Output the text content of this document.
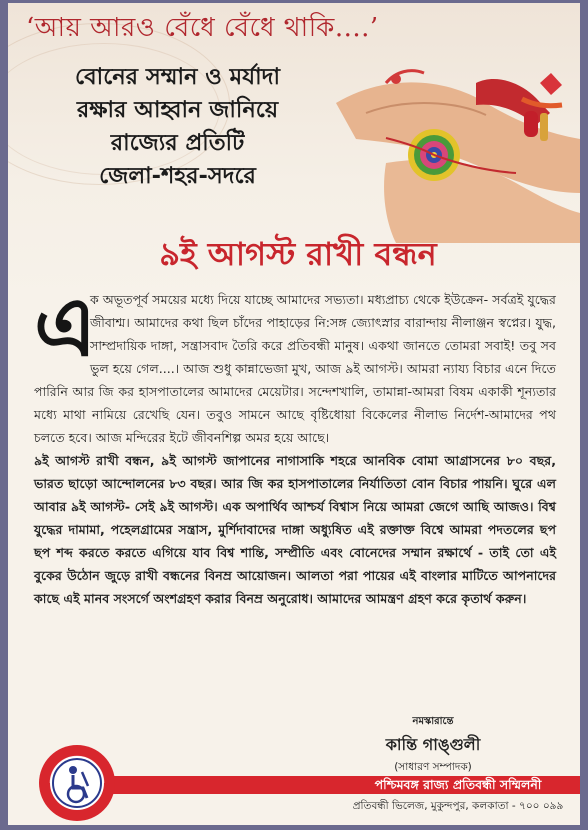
‘আয় আরও বেঁধে বেঁধে থাকি....’
বোনের সম্মান ও মর্যাদা
রক্ষার আহ্বান জানিয়ে
রাজ্যের প্রতিটি
জেলা-শহর-সদরে
৯ই আগস্ট রাখী বন্ধন
এ

ক অভূতপূর্ব সময়ের মধ্যে দিয়ে যাচ্ছে আমাদের সভ্যতা। মধ্যপ্রাচ্য থেকে ইউক্রেন- সর্বত্রই যুদ্ধের জীবাশ্ম। আমাদের কথা ছিল চাঁদের পাহাড়ের নি:সঙ্গ জ্যোৎস্নার বারান্দায় নীলাঞ্জন স্বপ্নের। যুদ্ধ, সাম্প্রদায়িক দাঙ্গা, সন্ত্রাসবাদ তৈরি করে প্রতিবন্ধী মানুষ। একথা জানতে তোমরা সবাই! তবু সব ভুল হয়ে গেল....। আজ শুধু কান্নাভেজা মুখ, আজ ৯ই আগস্ট। আমরা ন্যায্য বিচার এনে দিতে পারিনি আর জি কর হাসপাতালের আমাদের মেয়েটার। সন্দেশখালি, তামান্না-আমরা বিষম একাকী শূন্যতার মধ্যে মাথা নামিয়ে রেখেছি যেন। তবুও সামনে আছে বৃষ্টিধোয়া বিকেলের নীলাভ নির্দেশ-আমাদের পথ চলতে হবে। আজ মন্দিরের ইটে জীবনশিল্প অমর হয়ে আছে।

৯ই আগস্ট রাখী বন্ধন, ৯ই আগস্ট জাপানের নাগাসাকি শহরে আনবিক বোমা আগ্রাসনের ৮০ বছর, ভারত ছাড়ো আন্দোলনের ৮৩ বছর। আর জি কর হাসপাতালের নির্যাতিতা বোন বিচার পায়নি। ঘুরে এল আবার ৯ই আগস্ট- সেই ৯ই আগস্ট। এক অপার্থিব আশ্চর্য বিশ্বাস নিয়ে আমরা জেগে আছি আজও। বিশ্ব যুদ্ধের দামামা, পহেলগ্রামের সন্ত্রাস, মুর্শিদাবাদের দাঙ্গা অধ্যুষিত এই রক্তাক্ত বিশ্বে আমরা পদতলের ছপ ছপ শব্দ করতে করতে এগিয়ে যাব বিশ্ব শান্তি, সম্প্রীতি এবং বোনেদের সম্মান রক্ষার্থে - তাই তো এই বুকের উঠোন জুড়ে রাখী বন্ধনের বিনম্র আয়োজন। আলতা পরা পায়ের এই বাংলার মাটিতে আপনাদের কাছে এই মানব সংসর্গে অংশগ্রহণ করার বিনম্র অনুরোধ। আমাদের আমন্ত্রণ গ্রহণ করে কৃতার্থ করুন।

নমস্কারান্তে
কান্তি গাঙ্গুলী
(সাধারণ সম্পাদক)
পশ্চিমবঙ্গ রাজ্য প্রতিবন্ধী সম্মিলনী
প্রতিবন্ধী ভিলেজ, মুকুন্দপুর, কলকাতা - ৭০০ ০৯৯
